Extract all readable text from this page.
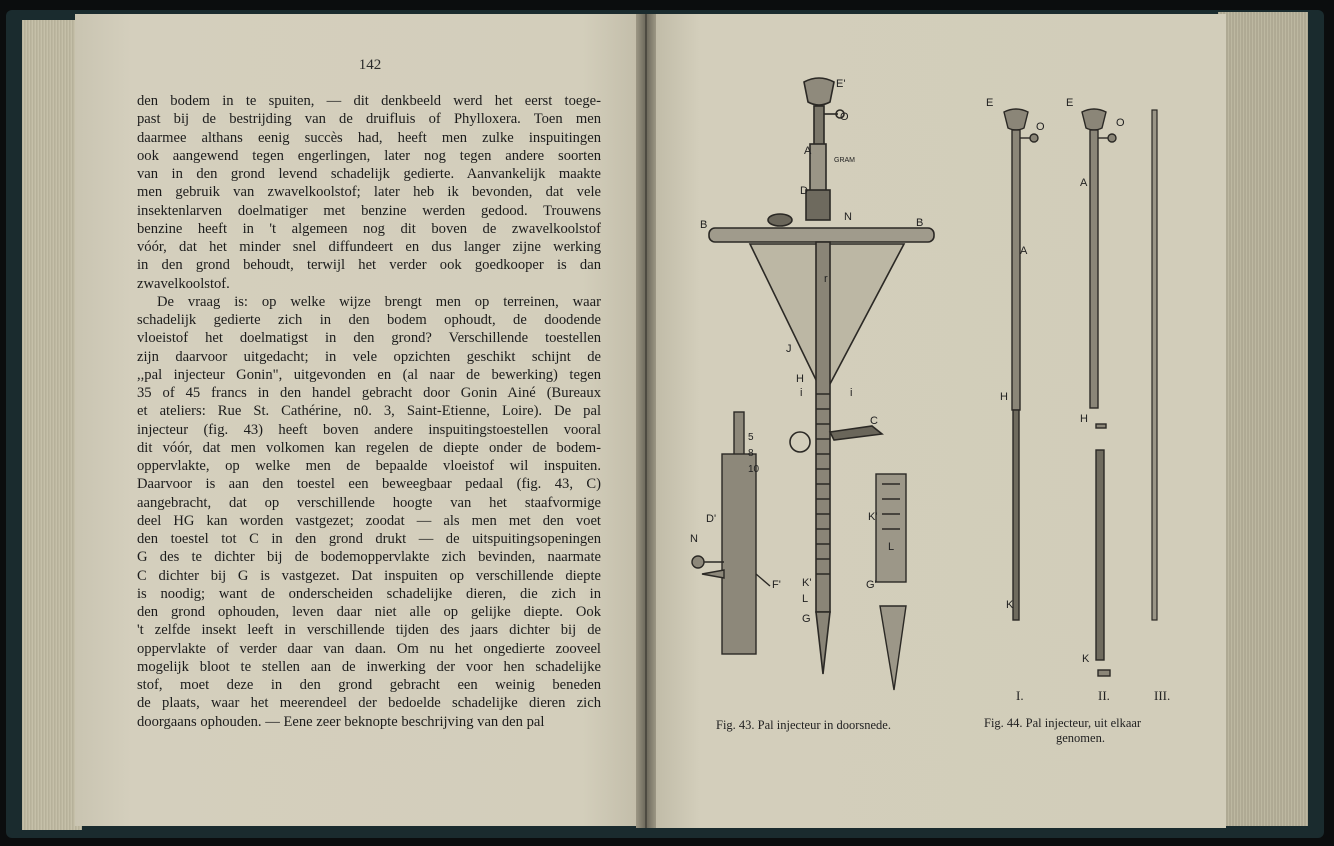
142
den bodem in te spuiten, — dit denkbeeld werd het eerst toege-
past bij de bestrijding van de druifluis of Phylloxera. Toen men
daarmee althans eenig succès had, heeft men zulke inspuitingen
ook aangewend tegen engerlingen, later nog tegen andere soorten
van in den grond levend schadelijk gedierte. Aanvankelijk maakte
men gebruik van zwavelkoolstof; later heb ik bevonden, dat vele
insektenlarven doelmatiger met benzine werden gedood. Trouwens
benzine heeft in 't algemeen nog dit boven de zwavelkoolstof
vóór, dat het minder snel diffundeert en dus langer zijne werking
in den grond behoudt, terwijl het verder ook goedkooper is dan
zwavelkoolstof.
De vraag is: op welke wijze brengt men op terreinen, waar
schadelijk gedierte zich in den bodem ophoudt, de doodende
vloeistof het doelmatigst in den grond? Verschillende toestellen
zijn daarvoor uitgedacht; in vele opzichten geschikt schijnt de
,,pal injecteur Gonin", uitgevonden en (al naar de bewerking) tegen
35 of 45 francs in den handel gebracht door Gonin Ainé (Bureaux
et ateliers: Rue St. Cathérine, n0. 3, Saint-Etienne, Loire). De pal
injecteur (fig. 43) heeft boven andere inspuitingstoestellen vooral
dit vóór, dat men volkomen kan regelen de diepte onder de bodem-
oppervlakte, op welke men de bepaalde vloeistof wil inspuiten.
Daarvoor is aan den toestel een beweegbaar pedaal (fig. 43, C)
aangebracht, dat op verschillende hoogte van het staafvormige
deel HG kan worden vastgezet; zoodat — als men met den voet
den toestel tot C in den grond drukt — de uitspuitingsopeningen
G des te dichter bij de bodemoppervlakte zich bevinden, naarmate
C dichter bij G is vastgezet. Dat inspuiten op verschillende diepte
is noodig; want de onderscheiden schadelijke dieren, die zich in
den grond ophouden, leven daar niet alle op gelijke diepte. Ook
't zelfde insekt leeft in verschillende tijden des jaars dichter bij de
oppervlakte of verder daar van daan. Om nu het ongedierte zooveel
mogelijk bloot te stellen aan de inwerking der voor hen schadelijke
stof, moet deze in den grond gebracht een weinig beneden
de plaats, waar het meerendeel der bedoelde schadelijke dieren zich
doorgaans ophouden. — Eene zeer beknopte beschrijving van den pal
E'
O
A
GRAM
D
N
B	B
r
J
H
i	i
C
5
8
10
D'
N
F' K'
L
G
K'
L
G'
E
O
A
H
K
E
O
A
H
K
I.	II.	III.
Fig. 43. Pal injecteur in doorsnede.	Fig. 44. Pal injecteur, uit elkaar
genomen.
